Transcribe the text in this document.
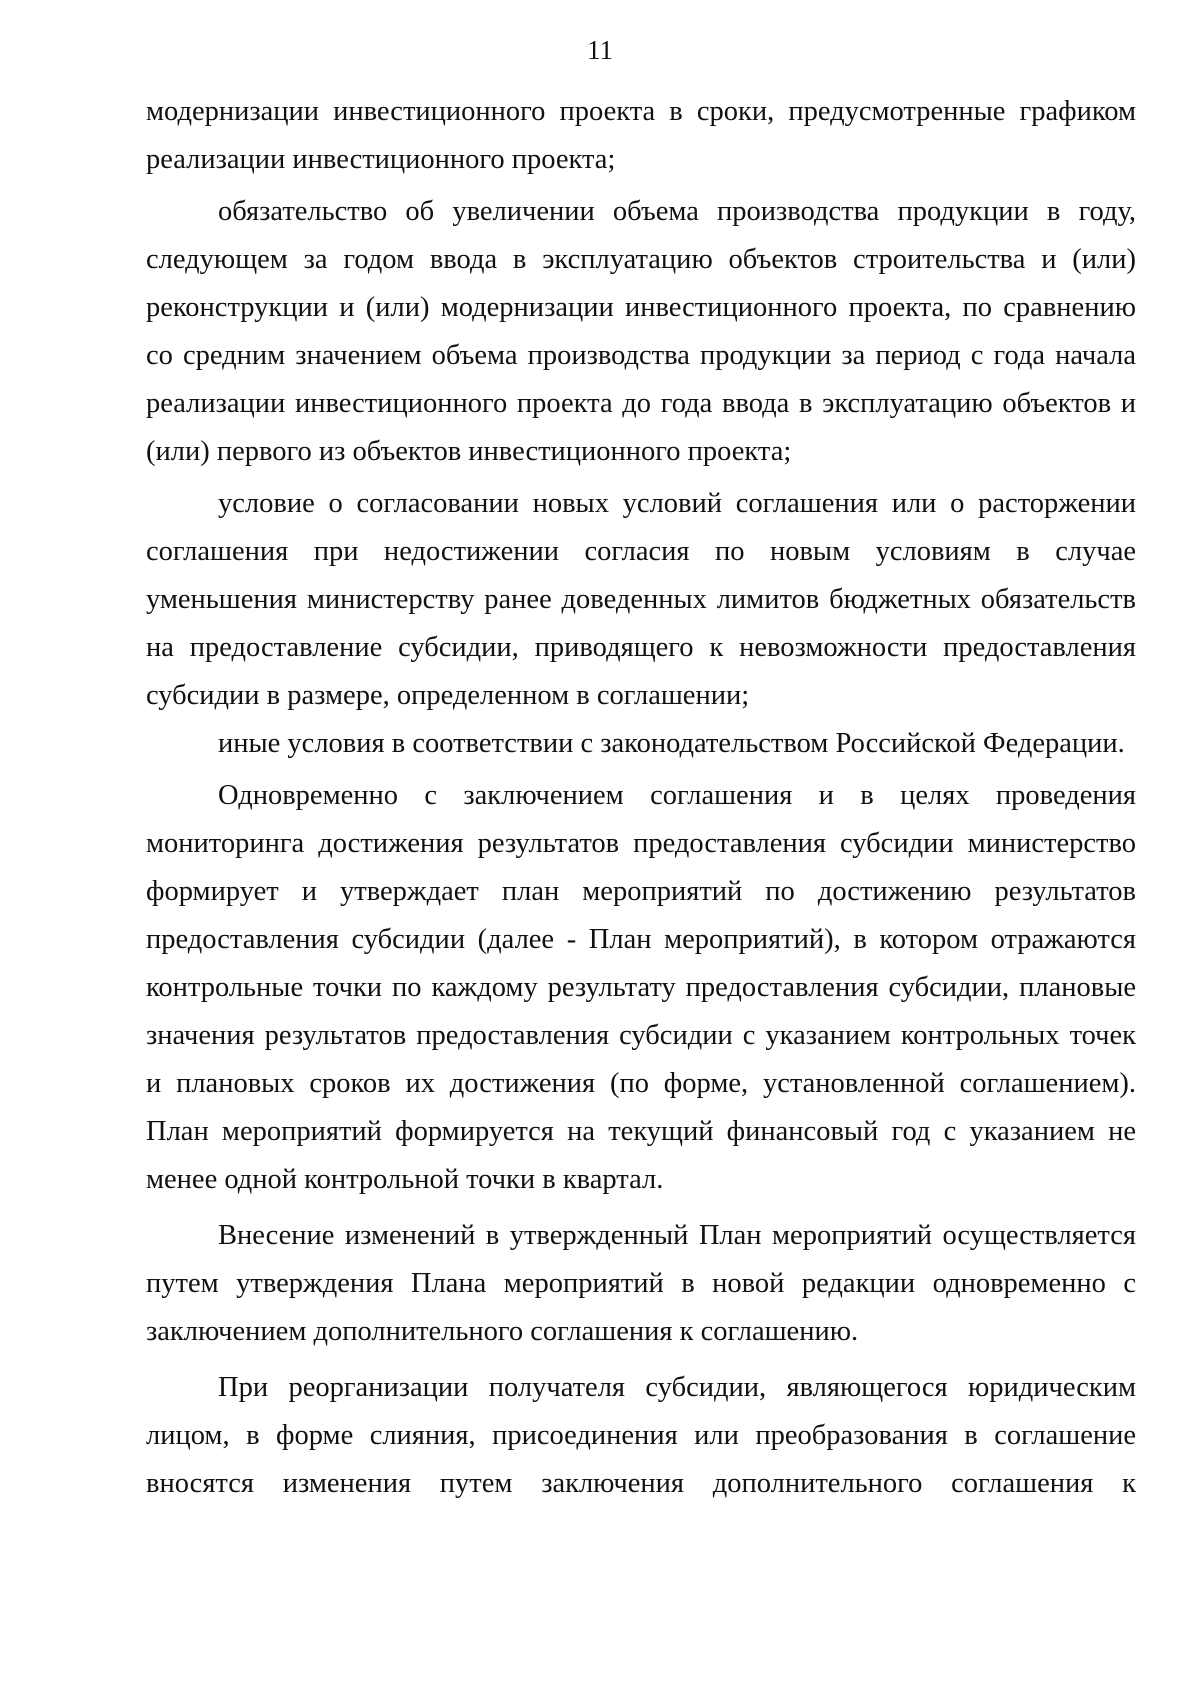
11

модернизации инвестиционного проекта в сроки, предусмотренные графиком реализации инвестиционного проекта;

обязательство об увеличении объема производства продукции в году, следующем за годом ввода в эксплуатацию объектов строительства и (или) реконструкции и (или) модернизации инвестиционного проекта, по сравнению со средним значением объема производства продукции за период с года начала реализации инвестиционного проекта до года ввода в эксплуатацию объектов и (или) первого из объектов инвестиционного проекта;

условие о согласовании новых условий соглашения или о расторжении соглашения при недостижении согласия по новым условиям в случае уменьшения министерству ранее доведенных лимитов бюджетных обязательств на предоставление субсидии, приводящего к невозможности предоставления субсидии в размере, определенном в соглашении;

иные условия в соответствии с законодательством Российской Федерации.

Одновременно с заключением соглашения и в целях проведения мониторинга достижения результатов предоставления субсидии министерство формирует и утверждает план мероприятий по достижению результатов предоставления субсидии (далее - План мероприятий), в котором отражаются контрольные точки по каждому результату предоставления субсидии, плановые значения результатов предоставления субсидии с указанием контрольных точек и плановых сроков их достижения (по форме, установленной соглашением). План мероприятий формируется на текущий финансовый год с указанием не менее одной контрольной точки в квартал.

Внесение изменений в утвержденный План мероприятий осуществляется путем утверждения Плана мероприятий в новой редакции одновременно с заключением дополнительного соглашения к соглашению.

При реорганизации получателя субсидии, являющегося юридическим лицом, в форме слияния, присоединения или преобразования в соглашение вносятся изменения путем заключения дополнительного соглашения к
